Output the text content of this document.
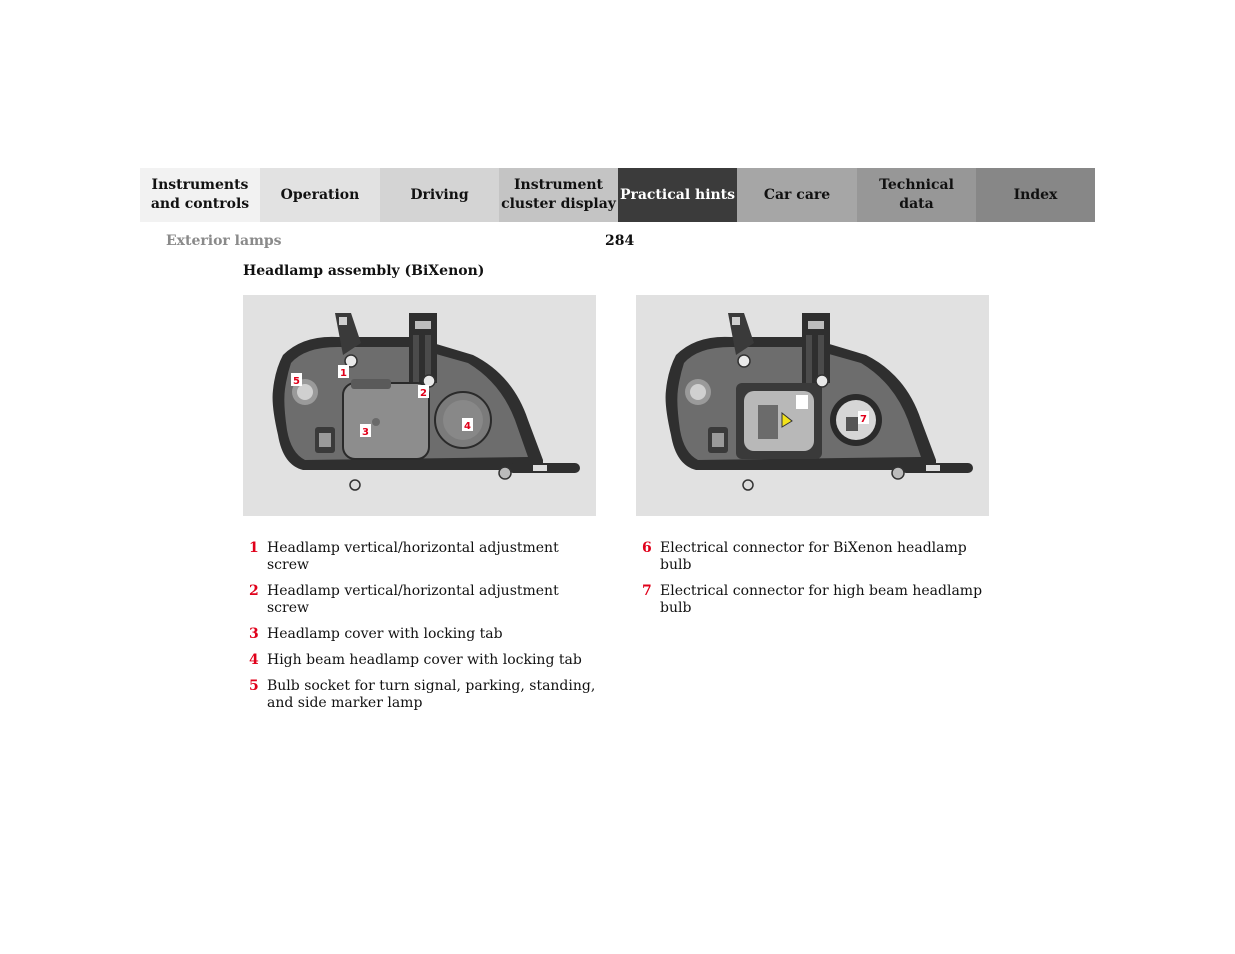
Instruments
and controls
Operation	Driving
Instrument
cluster display
Practical hints	Car care
Technical
data
Index
Exterior lamps	284
Headlamp assembly (BiXenon)
1
2
3
4
5
7
1 Headlamp vertical/horizontal adjustment screw
2 Headlamp vertical/horizontal adjustment screw
3 Headlamp cover with locking tab
4 High beam headlamp cover with locking tab
5 Bulb socket for turn signal, parking, standing, and side marker lamp
6 Electrical connector for BiXenon headlamp bulb
7 Electrical connector for high beam headlamp bulb
